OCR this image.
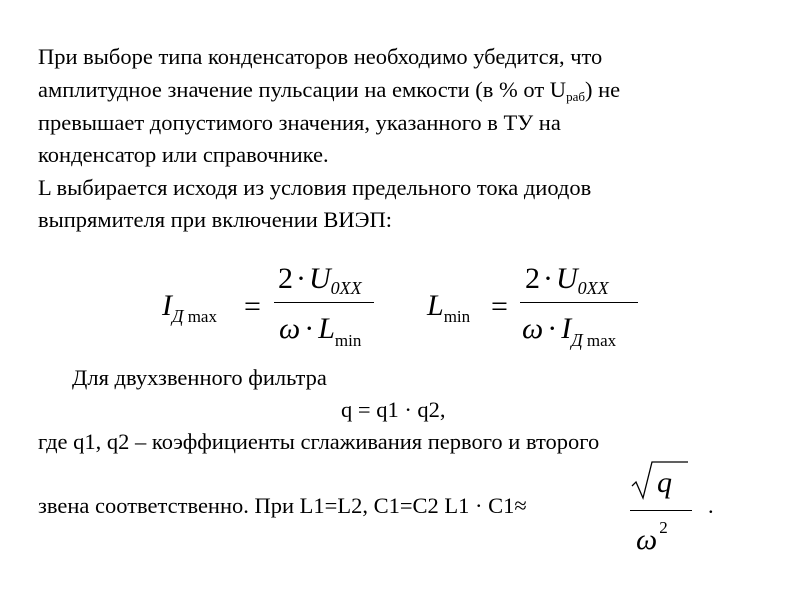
При выборе типа конденсаторов необходимо убедится, что
амплитудное значение пульсации на емкости (в % от $U_{раб}$) не
превышает допустимого значения, указанного в ТУ на
конденсатор или справочнике.
L выбирается исходя из условия предельного тока диодов
выпрямителя при включении ВИЭП:
$I_Д$ $_{max}$ =
$2 \cdot U_{0XX}$
$\omega \cdot L_{min}$
$L_{min}$ =
$2 \cdot U_{0XX}$
$\omega \cdot I_Д$ $_{max}$
Для двухзвенного фильтра
q = q1 · q2,
где q1, q2 – коэффициенты сглаживания первого и второго
звена соответственно. При L1=L2, C1=C2 L1 · C1≈
q
ω $^2$
.
